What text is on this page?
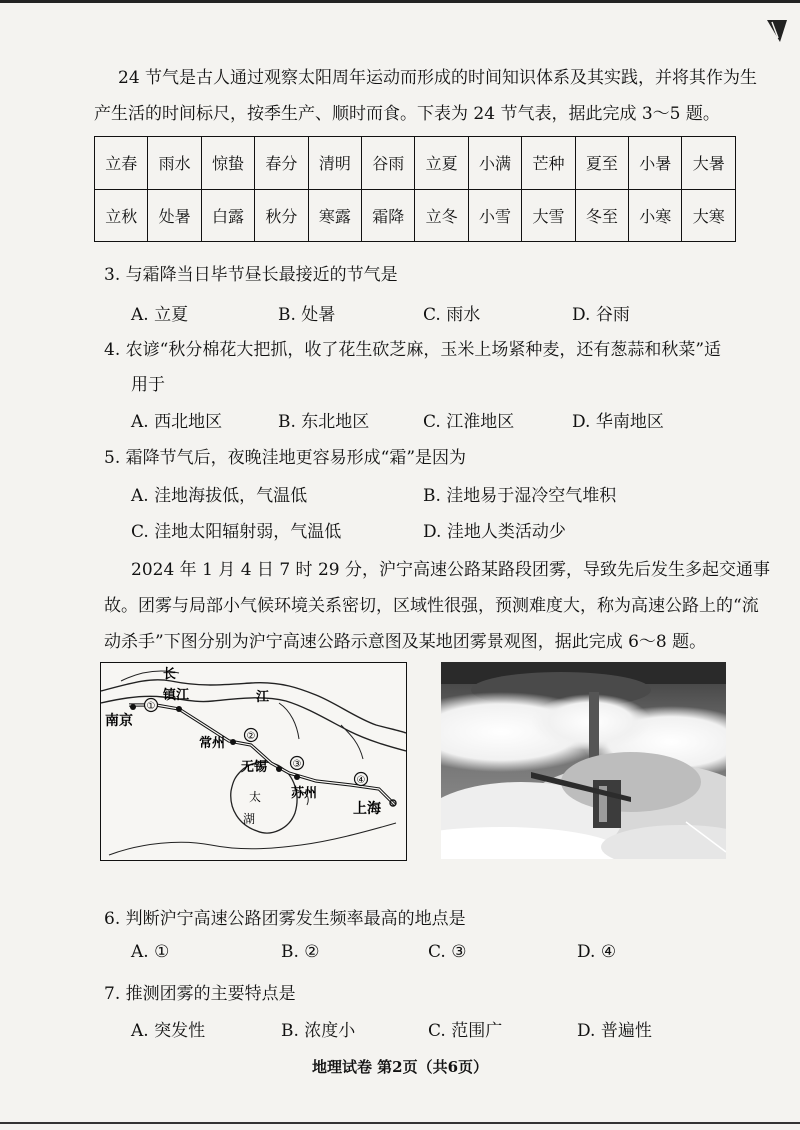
24 节气是古人通过观察太阳周年运动而形成的时间知识体系及其实践，并将其作为生
产生活的时间标尺，按季生产、顺时而食。下表为 24 节气表，据此完成 3～5 题。
立春	雨水	惊蛰	春分	清明	谷雨	立夏	小满	芒种	夏至	小暑	大暑
立秋	处暑	白露	秋分	寒露	霜降	立冬	小雪	大雪	冬至	小寒	大寒
3. 与霜降当日毕节昼长最接近的节气是
A. 立夏	B. 处暑	C. 雨水	D. 谷雨
4. 农谚“秋分棉花大把抓，收了花生砍芝麻，玉米上场紧种麦，还有葱蒜和秋菜”适
用于
A. 西北地区	B. 东北地区	C. 江淮地区	D. 华南地区
5. 霜降节气后，夜晚洼地更容易形成“霜”是因为
A. 洼地海拔低，气温低	B. 洼地易于湿冷空气堆积
C. 洼地太阳辐射弱，气温低	D. 洼地人类活动少
2024 年 1 月 4 日 7 时 29 分，沪宁高速公路某路段团雾，导致先后发生多起交通事
故。团雾与局部小气候环境关系密切，区域性很强，预测难度大，称为高速公路上的“流
动杀手”下图分别为沪宁高速公路示意图及某地团雾景观图，据此完成 6～8 题。
①
②
③
④
长
江
南京
镇江
常州
无锡
苏州
上海
太
湖
6. 判断沪宁高速公路团雾发生频率最高的地点是
A. ①	B. ②	C. ③	D. ④
7. 推测团雾的主要特点是
A. 突发性	B. 浓度小	C. 范围广	D. 普遍性
地理试卷 第2页（共6页）
